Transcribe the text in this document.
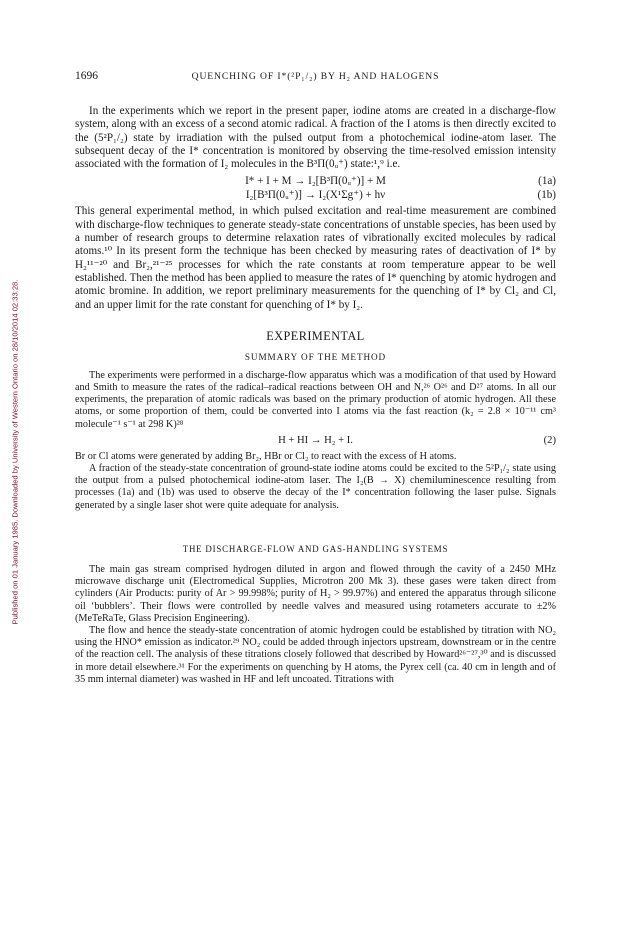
Published on 01 January 1985. Downloaded by University of Western Ontario on 28/10/2014 02:33:28.
1696	QUENCHING OF I*(²P₁/₂) BY H₂ AND HALOGENS

In the experiments which we report in the present paper, iodine atoms are created in a discharge-flow system, along with an excess of a second atomic radical. A fraction of the I atoms is then directly excited to the (5²P₁/₂) state by irradiation with the pulsed output from a photochemical iodine-atom laser. The subsequent decay of the I* concentration is monitored by observing the time-resolved emission intensity associated with the formation of I₂ molecules in the B³Π(0ᵤ⁺) state:¹,⁹ i.e.

I* + I + M → I₂[B³Π(0ᵤ⁺)] + M	(1a)
I₂[B³Π(0ᵤ⁺)] → I₂(X¹Σg⁺) + hν	(1b)

This general experimental method, in which pulsed excitation and real-time measurement are combined with discharge-flow techniques to generate steady-state concentrations of unstable species, has been used by a number of research groups to determine relaxation rates of vibrationally excited molecules by radical atoms.¹⁰ In its present form the technique has been checked by measuring rates of deactivation of I* by H₂¹¹⁻²⁰ and Br₂,²¹⁻²⁵ processes for which the rate constants at room temperature appear to be well established. Then the method has been applied to measure the rates of I* quenching by atomic hydrogen and atomic bromine. In addition, we report preliminary measurements for the quenching of I* by Cl₂ and Cl, and an upper limit for the rate constant for quenching of I* by I₂.

EXPERIMENTAL
SUMMARY OF THE METHOD

The experiments were performed in a discharge-flow apparatus which was a modification of that used by Howard and Smith to measure the rates of the radical–radical reactions between OH and N,²⁶ O²⁶ and D²⁷ atoms. In all our experiments, the preparation of atomic radicals was based on the primary production of atomic hydrogen. All these atoms, or some proportion of them, could be converted into I atoms via the fast reaction (k₂ = 2.8 × 10⁻¹¹ cm³ molecule⁻¹ s⁻¹ at 298 K)²⁸

H + HI → H₂ + I.	(2)

Br or Cl atoms were generated by adding Br₂, HBr or Cl₂ to react with the excess of H atoms.

A fraction of the steady-state concentration of ground-state iodine atoms could be excited to the 5²P₁/₂ state using the output from a pulsed photochemical iodine-atom laser. The I₂(B → X) chemiluminescence resulting from processes (1a) and (1b) was used to observe the decay of the I* concentration following the laser pulse. Signals generated by a single laser shot were quite adequate for analysis.

THE DISCHARGE-FLOW AND GAS-HANDLING SYSTEMS

The main gas stream comprised hydrogen diluted in argon and flowed through the cavity of a 2450 MHz microwave discharge unit (Electromedical Supplies, Microtron 200 Mk 3). these gases were taken direct from cylinders (Air Products: purity of Ar > 99.998%; purity of H₂ > 99.97%) and entered the apparatus through silicone oil ‘bubblers’. Their flows were controlled by needle valves and measured using rotameters accurate to ±2% (MeTeRaTe, Glass Precision Engineering).

The flow and hence the steady-state concentration of atomic hydrogen could be established by titration with NO₂ using the HNO* emission as indicator.²⁹ NO₂ could be added through injectors upstream, downstream or in the centre of the reaction cell. The analysis of these titrations closely followed that described by Howard²⁶⁻²⁷,³⁰ and is discussed in more detail elsewhere.³¹ For the experiments on quenching by H atoms, the Pyrex cell (ca. 40 cm in length and of 35 mm internal diameter) was washed in HF and left uncoated. Titrations with
